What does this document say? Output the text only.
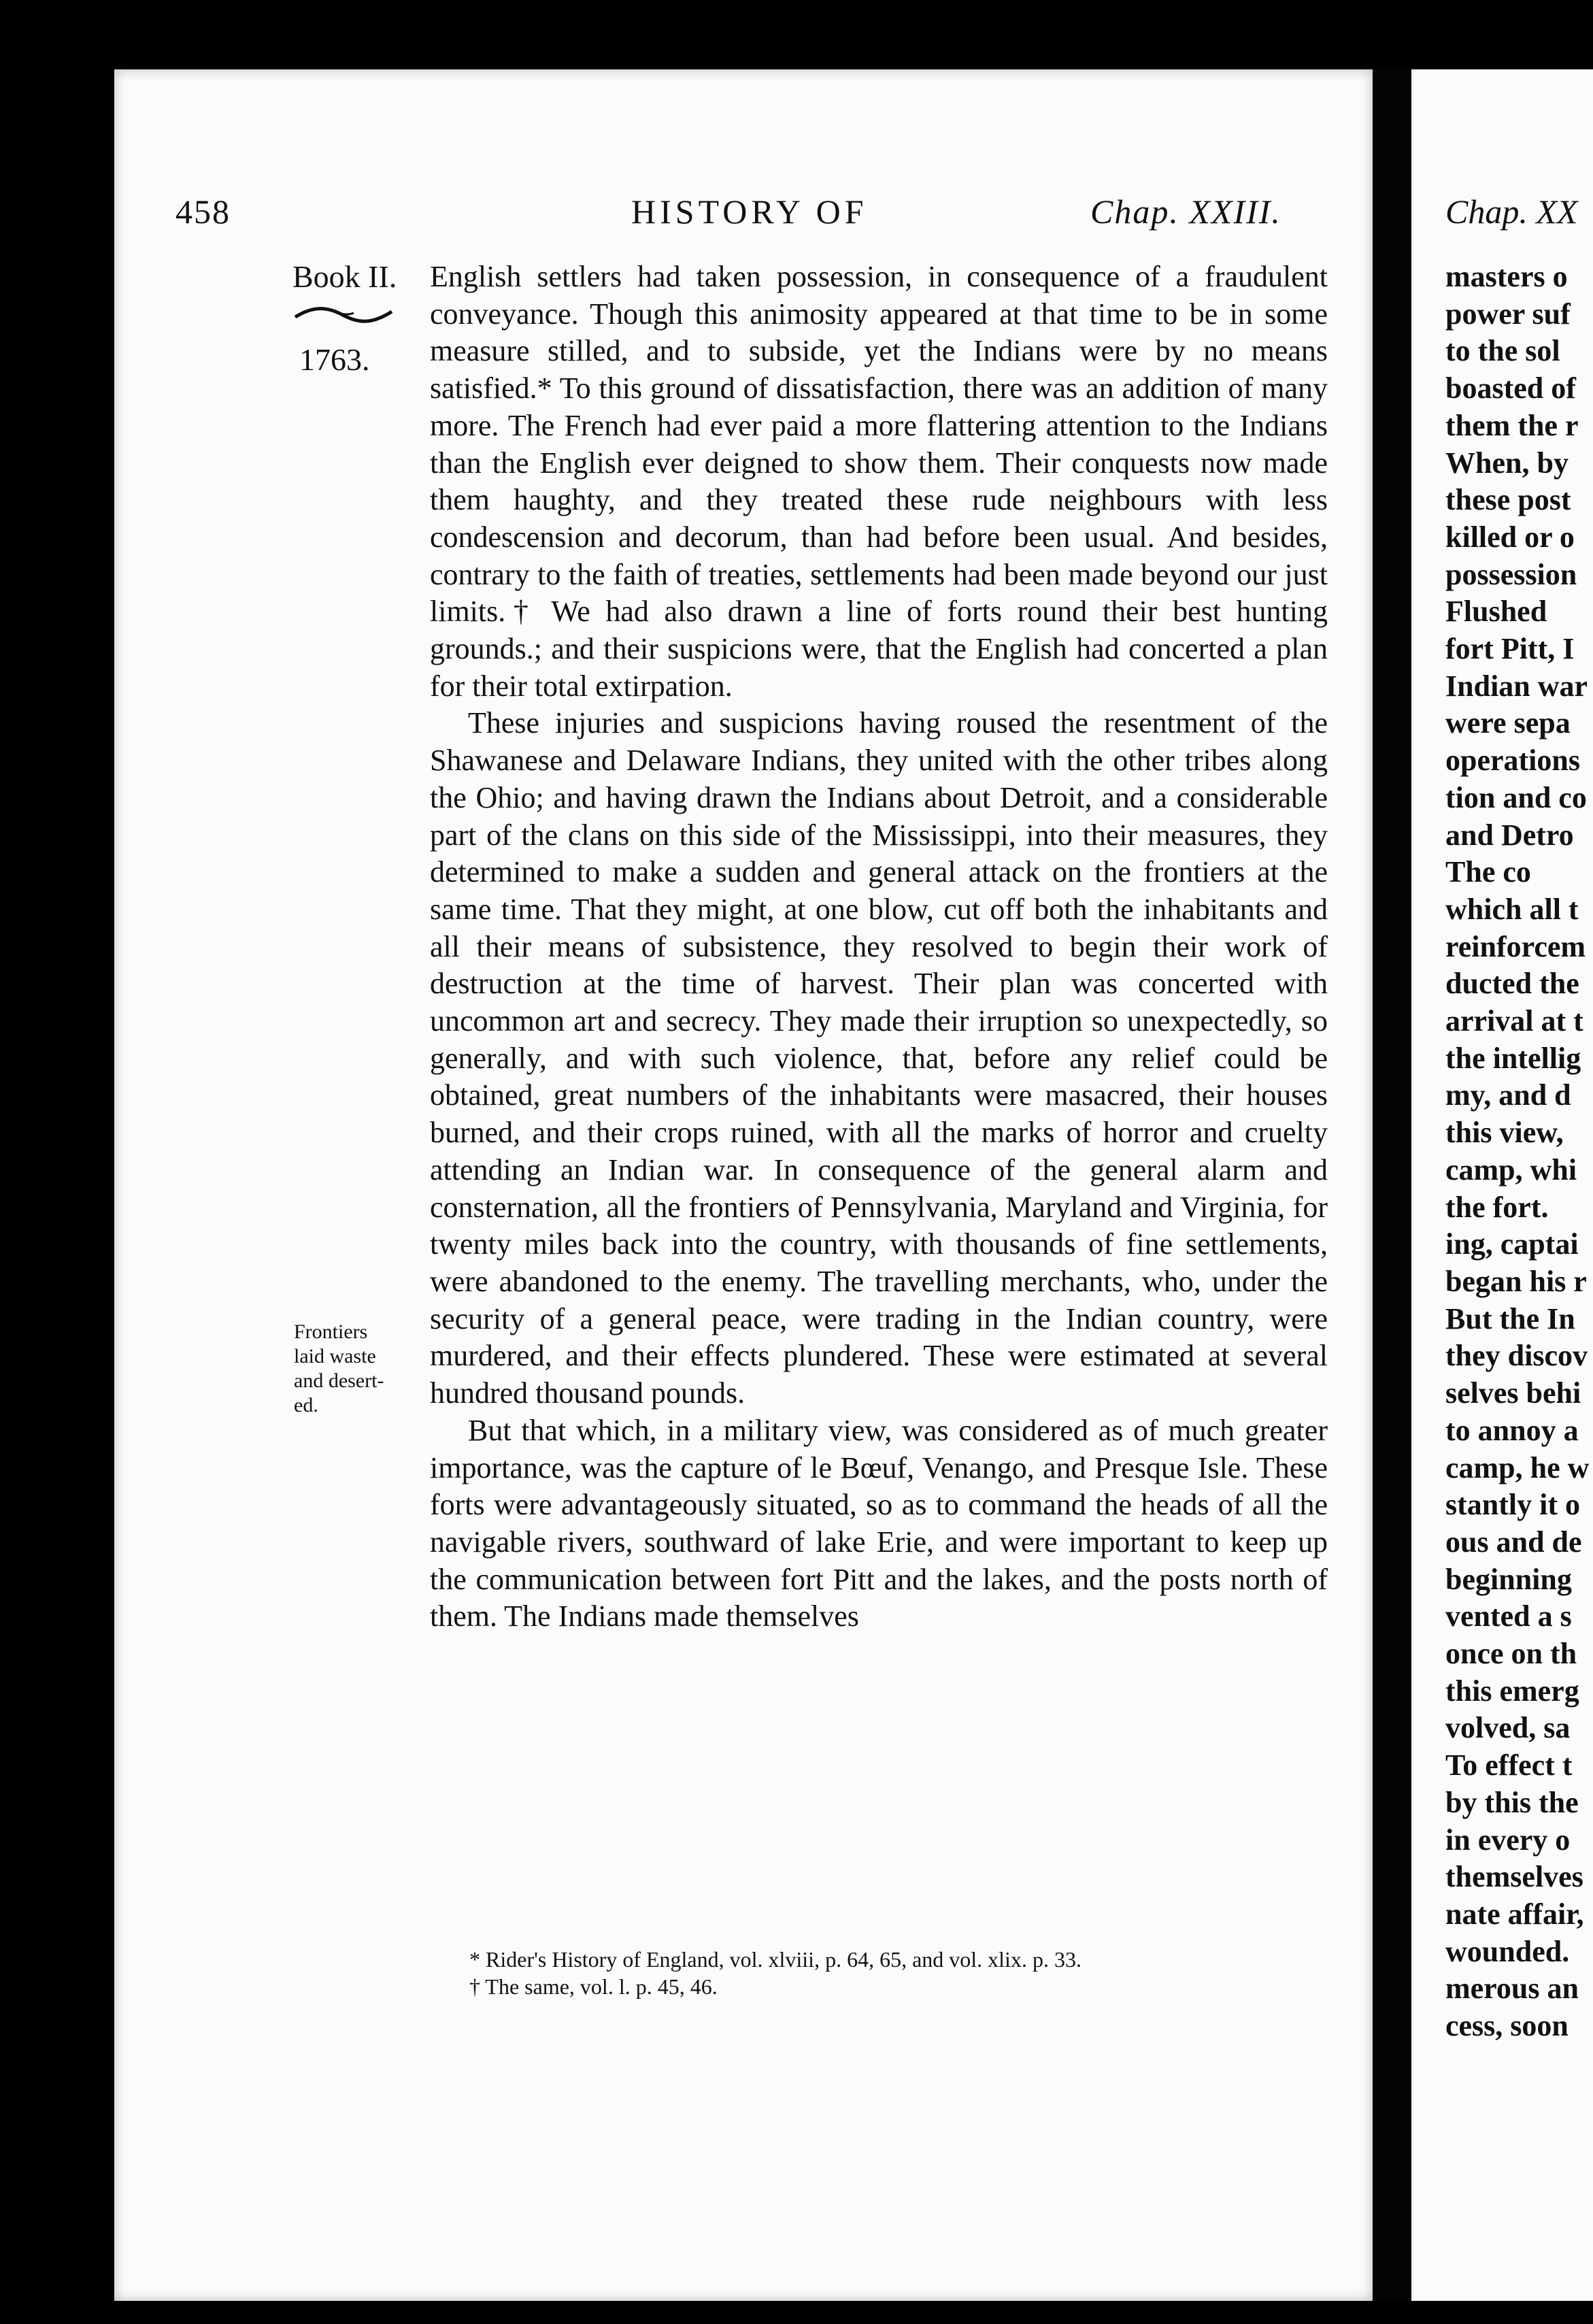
458	HISTORY OF	Chap. XXIII.
Book II.
1763.
Frontiers
laid waste
and desert-
ed.

English settlers had taken possession, in consequence of a fraudulent conveyance. Though this animosity appeared at that time to be in some measure stilled, and to subside, yet the Indians were by no means satisfied.* To this ground of dissatisfaction, there was an addition of many more. The French had ever paid a more flattering attention to the Indians than the English ever deigned to show them. Their conquests now made them haughty, and they treated these rude neighbours with less condescension and decorum, than had before been usual. And besides, contrary to the faith of treaties, settlements had been made beyond our just limits.† We had also drawn a line of forts round their best hunting grounds.; and their suspicions were, that the English had concerted a plan for their total extirpation.

These injuries and suspicions having roused the resentment of the Shawanese and Delaware Indians, they united with the other tribes along the Ohio; and having drawn the Indians about Detroit, and a considerable part of the clans on this side of the Mississippi, into their measures, they determined to make a sudden and general attack on the frontiers at the same time. That they might, at one blow, cut off both the inhabitants and all their means of subsistence, they resolved to begin their work of destruction at the time of harvest. Their plan was concerted with uncommon art and secrecy. They made their irruption so unexpectedly, so generally, and with such violence, that, before any relief could be obtained, great numbers of the inhabitants were masacred, their houses burned, and their crops ruined, with all the marks of horror and cruelty attending an Indian war. In consequence of the general alarm and consternation, all the frontiers of Pennsylvania, Maryland and Virginia, for twenty miles back into the country, with thousands of fine settlements, were abandoned to the enemy. The travelling merchants, who, under the security of a general peace, were trading in the Indian country, were murdered, and their effects plundered. These were estimated at several hundred thousand pounds.

But that which, in a military view, was considered as of much greater importance, was the capture of le Bœuf, Venango, and Presque Isle. These forts were advantageously situated, so as to command the heads of all the navigable rivers, southward of lake Erie, and were important to keep up the communication between fort Pitt and the lakes, and the posts north of them. The Indians made themselves

* Rider's History of England, vol. xlviii, p. 64, 65, and vol. xlix. p. 33.
† The same, vol. l. p. 45, 46.
Chap. XX
masters o
power suf
to the sol
boasted of
them the r
When, by
these post
killed or o
possession
Flushed
fort Pitt, I
Indian war
were sepa
operations
tion and co
and Detro
The co
which all t
reinforcem
ducted the
arrival at t
the intellig
my, and d
this view,
camp, whi
the fort.
ing, captai
began his r
But the In
they discov
selves behi
to annoy a
camp, he w
stantly it o
ous and de
beginning
vented a s
once on th
this emerg
volved, sa
To effect t
by this the
in every o
themselves
nate affair,
wounded.
merous an
cess, soon
